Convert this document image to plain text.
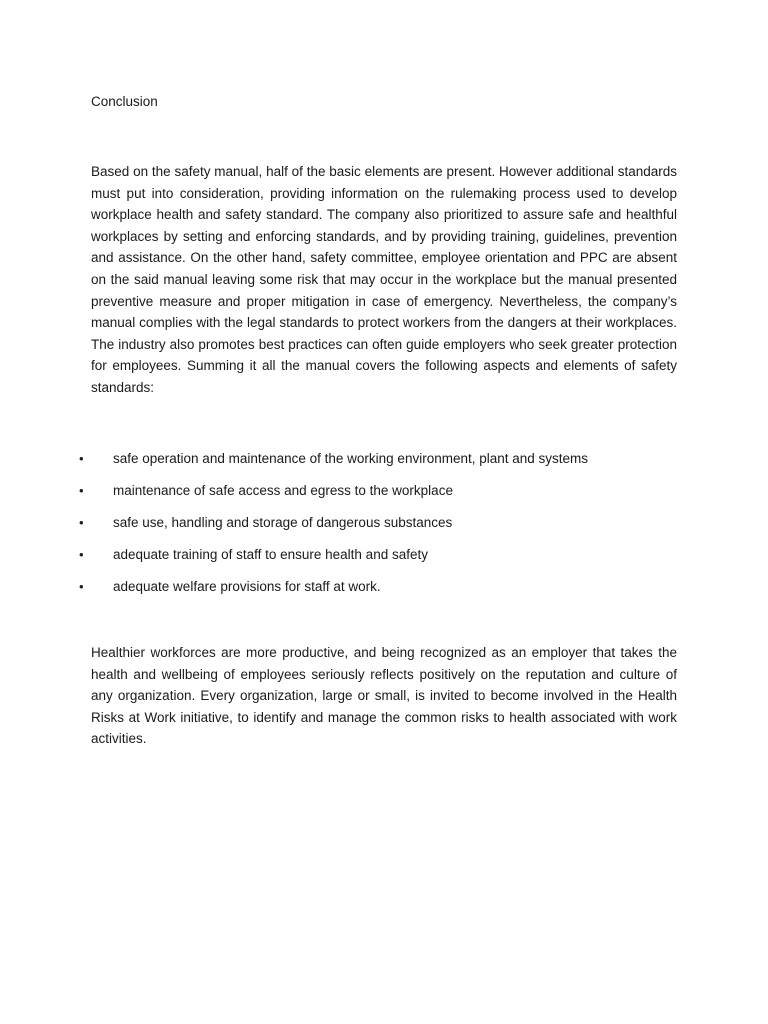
Conclusion

Based on the safety manual, half of the basic elements are present. However additional standards must put into consideration, providing information on the rulemaking process used to develop workplace health and safety standard. The company also prioritized to assure safe and healthful workplaces by setting and enforcing standards, and by providing training, guidelines, prevention and assistance. On the other hand, safety committee, employee orientation and PPC are absent on the said manual leaving some risk that may occur in the workplace but the manual presented preventive measure and proper mitigation in case of emergency. Nevertheless, the company’s manual complies with the legal standards to protect workers from the dangers at their workplaces. The industry also promotes best practices can often guide employers who seek greater protection for employees. Summing it all the manual covers the following aspects and elements of safety standards:

•	safe operation and maintenance of the working environment, plant and systems
•	maintenance of safe access and egress to the workplace
•	safe use, handling and storage of dangerous substances
•	adequate training of staff to ensure health and safety
•	adequate welfare provisions for staff at work.

Healthier workforces are more productive, and being recognized as an employer that takes the health and wellbeing of employees seriously reflects positively on the reputation and culture of any organization. Every organization, large or small, is invited to become involved in the Health Risks at Work initiative, to identify and manage the common risks to health associated with work activities.
